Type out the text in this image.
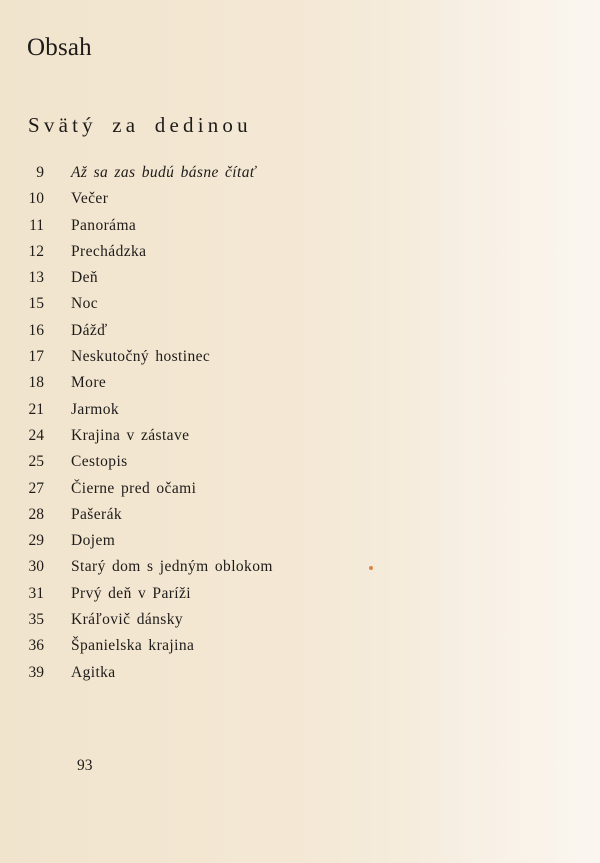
Obsah
Svätý za dedinou
9 Až sa zas budú básne čítať
10 Večer
11 Panoráma
12 Prechádzka
13 Deň
15 Noc
16 Dážď
17 Neskutočný hostinec
18 More
21 Jarmok
24 Krajina v zástave
25 Cestopis
27 Čierne pred očami
28 Pašerák
29 Dojem
30 Starý dom s jedným oblokom
31 Prvý deň v Paríži
35 Kráľovič dánsky
36 Španielska krajina
39 Agitka
93
